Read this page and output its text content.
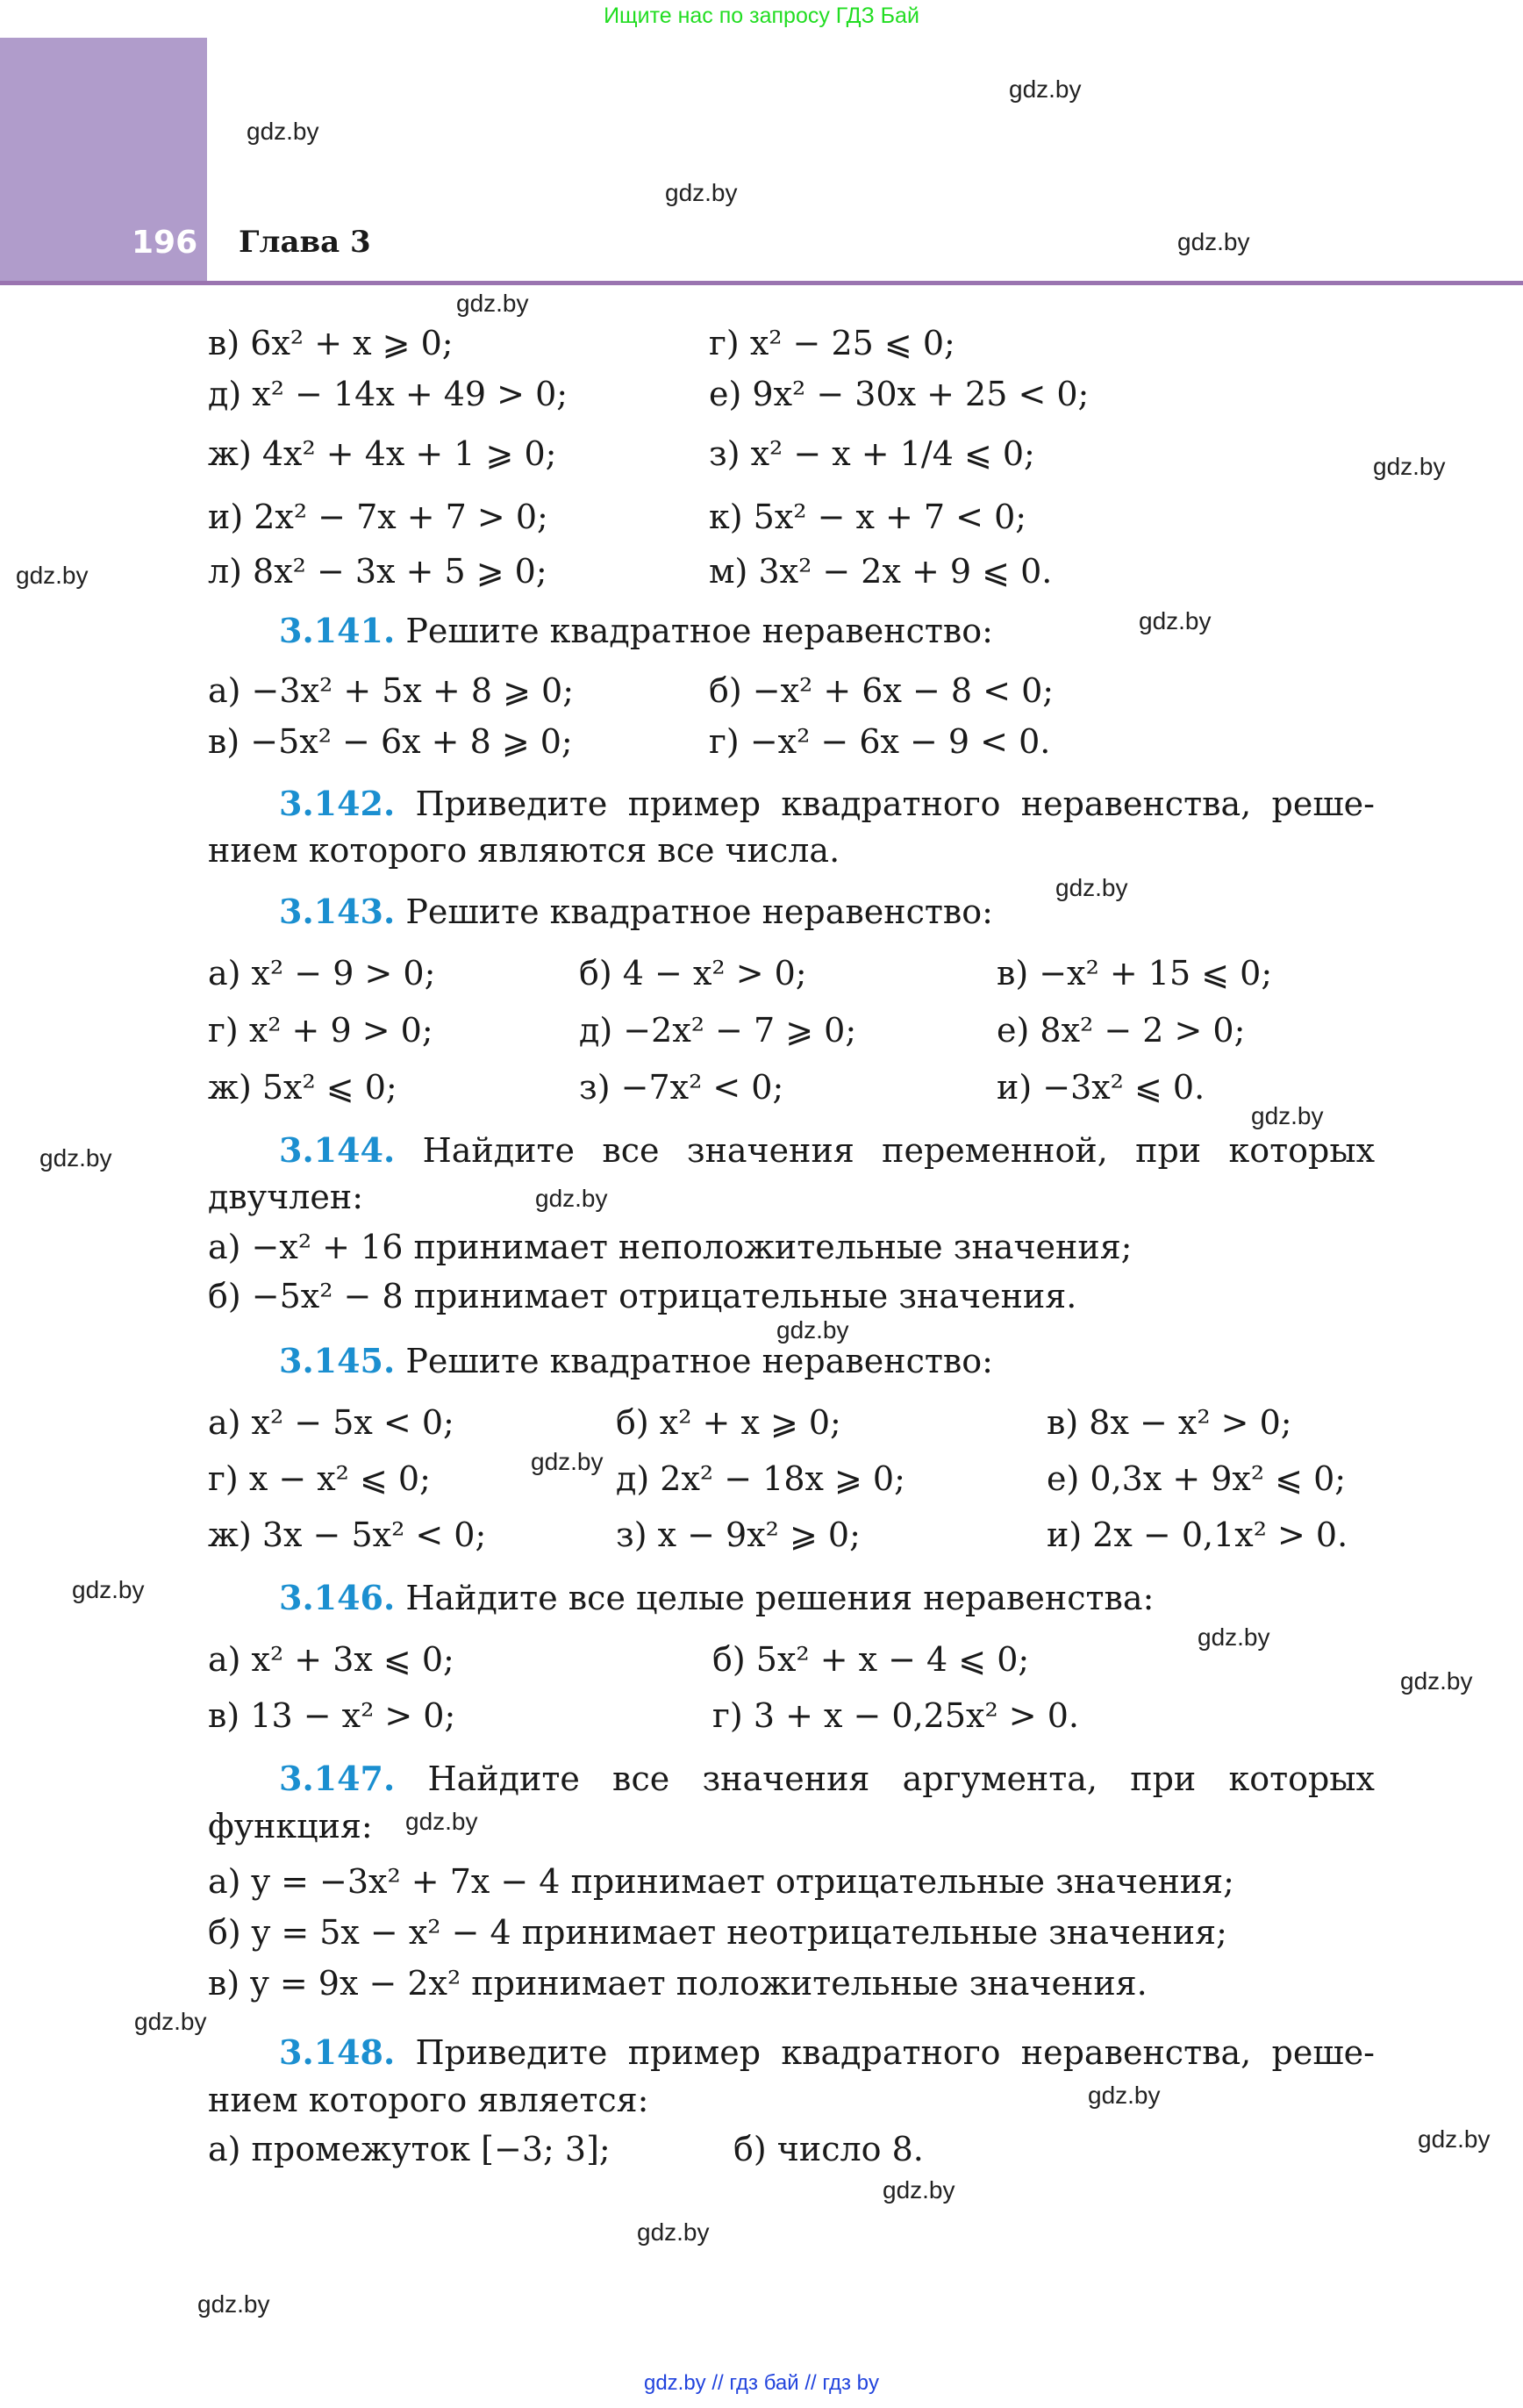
Ищите нас по запросу ГДЗ Бай
196 Глава 3
в) 6x² + x ⩾ 0;	г) x² − 25 ⩽ 0;
д) x² − 14x + 49 > 0;	е) 9x² − 30x + 25 < 0;
ж) 4x² + 4x + 1 ⩾ 0;	з) x² − x + 1/4 ⩽ 0;
и) 2x² − 7x + 7 > 0;	к) 5x² − x + 7 < 0;
л) 8x² − 3x + 5 ⩾ 0;	м) 3x² − 2x + 9 ⩽ 0.
3.141. Решите квадратное неравенство:
а) −3x² + 5x + 8 ⩾ 0;	б) −x² + 6x − 8 < 0;
в) −5x² − 6x + 8 ⩾ 0;	г) −x² − 6x − 9 < 0.
3.142. Приведите пример квадратного неравенства, реше-
нием которого являются все числа.
3.143. Решите квадратное неравенство:
а) x² − 9 > 0;	б) 4 − x² > 0;	в) −x² + 15 ⩽ 0;
г) x² + 9 > 0;	д) −2x² − 7 ⩾ 0;	е) 8x² − 2 > 0;
ж) 5x² ⩽ 0;	з) −7x² < 0;	и) −3x² ⩽ 0.
3.144. Найдите все значения переменной, при которых
двучлен:
а) −x² + 16 принимает неположительные значения;
б) −5x² − 8 принимает отрицательные значения.
3.145. Решите квадратное неравенство:
а) x² − 5x < 0;	б) x² + x ⩾ 0;	в) 8x − x² > 0;
г) x − x² ⩽ 0;	д) 2x² − 18x ⩾ 0;	е) 0,3x + 9x² ⩽ 0;
ж) 3x − 5x² < 0;	з) x − 9x² ⩾ 0;	и) 2x − 0,1x² > 0.
3.146. Найдите все целые решения неравенства:
а) x² + 3x ⩽ 0;	б) 5x² + x − 4 ⩽ 0;
в) 13 − x² > 0;	г) 3 + x − 0,25x² > 0.
3.147. Найдите все значения аргумента, при которых
функция:
а) y = −3x² + 7x − 4 принимает отрицательные значения;
б) y = 5x − x² − 4 принимает неотрицательные значения;
в) y = 9x − 2x² принимает положительные значения.
3.148. Приведите пример квадратного неравенства, реше-
нием которого является:
а) промежуток [−3; 3];	б) число 8.
gdz.by
gdz.by
gdz.by
gdz.by
gdz.by
gdz.by
gdz.by
gdz.by
gdz.by
gdz.by
gdz.by
gdz.by
gdz.by
gdz.by
gdz.by
gdz.by
gdz.by
gdz.by
gdz.by
gdz.by
gdz.by
gdz.by
gdz.by
gdz.by
gdz.by // гдз бай // гдз by
